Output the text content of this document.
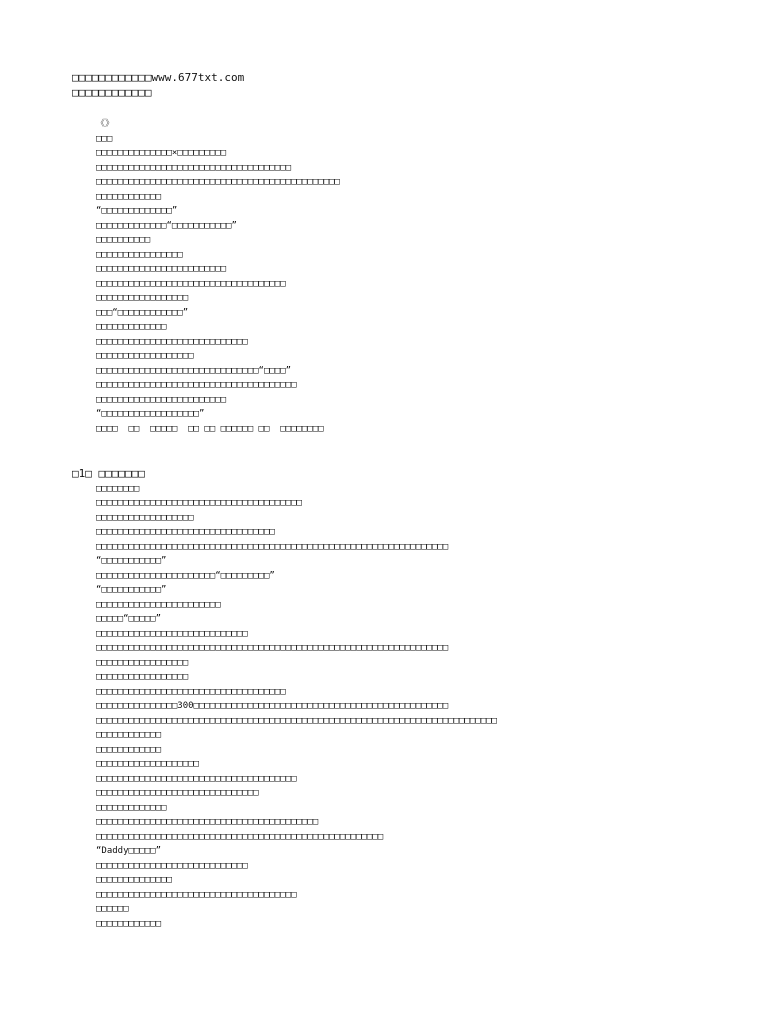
□□□□□□□□□□□□www.677txt.com
□□□□□□□□□□□□
《》
□□□
□□□□□□□□□□□□□□×□□□□□□□□□
□□□□□□□□□□□□□□□□□□□□□□□□□□□□□□□□□□□□
□□□□□□□□□□□□□□□□□□□□□□□□□□□□□□□□□□□□□□□□□□□□□
□□□□□□□□□□□□
“□□□□□□□□□□□□□”
□□□□□□□□□□□□□“□□□□□□□□□□□”
□□□□□□□□□□
□□□□□□□□□□□□□□□□
□□□□□□□□□□□□□□□□□□□□□□□□
□□□□□□□□□□□□□□□□□□□□□□□□□□□□□□□□□□□
□□□□□□□□□□□□□□□□□
□□□“□□□□□□□□□□□□”
□□□□□□□□□□□□□
□□□□□□□□□□□□□□□□□□□□□□□□□□□□
□□□□□□□□□□□□□□□□□□
□□□□□□□□□□□□□□□□□□□□□□□□□□□□□□“□□□□”
□□□□□□□□□□□□□□□□□□□□□□□□□□□□□□□□□□□□□
□□□□□□□□□□□□□□□□□□□□□□□□
“□□□□□□□□□□□□□□□□□□”
□□□□  □□  □□□□□  □□ □□ □□□□□□ □□  □□□□□□□□
□1□ □□□□□□□
□□□□□□□□
□□□□□□□□□□□□□□□□□□□□□□□□□□□□□□□□□□□□□□
□□□□□□□□□□□□□□□□□□
□□□□□□□□□□□□□□□□□□□□□□□□□□□□□□□□□
□□□□□□□□□□□□□□□□□□□□□□□□□□□□□□□□□□□□□□□□□□□□□□□□□□□□□□□□□□□□□□□□□
“□□□□□□□□□□□”
□□□□□□□□□□□□□□□□□□□□□□“□□□□□□□□□”
“□□□□□□□□□□□”
□□□□□□□□□□□□□□□□□□□□□□□
□□□□□“□□□□□”
□□□□□□□□□□□□□□□□□□□□□□□□□□□□
□□□□□□□□□□□□□□□□□□□□□□□□□□□□□□□□□□□□□□□□□□□□□□□□□□□□□□□□□□□□□□□□□
□□□□□□□□□□□□□□□□□
□□□□□□□□□□□□□□□□□
□□□□□□□□□□□□□□□□□□□□□□□□□□□□□□□□□□□
□□□□□□□□□□□□□□□300□□□□□□□□□□□□□□□□□□□□□□□□□□□□□□□□□□□□□□□□□□□□□□□
□□□□□□□□□□□□□□□□□□□□□□□□□□□□□□□□□□□□□□□□□□□□□□□□□□□□□□□□□□□□□□□□□□□□□□□□□□
□□□□□□□□□□□□
□□□□□□□□□□□□
□□□□□□□□□□□□□□□□□□□
□□□□□□□□□□□□□□□□□□□□□□□□□□□□□□□□□□□□□
□□□□□□□□□□□□□□□□□□□□□□□□□□□□□□
□□□□□□□□□□□□□
□□□□□□□□□□□□□□□□□□□□□□□□□□□□□□□□□□□□□□□□□
□□□□□□□□□□□□□□□□□□□□□□□□□□□□□□□□□□□□□□□□□□□□□□□□□□□□□
“Daddy□□□□□”
□□□□□□□□□□□□□□□□□□□□□□□□□□□□
□□□□□□□□□□□□□□
□□□□□□□□□□□□□□□□□□□□□□□□□□□□□□□□□□□□□
□□□□□□
□□□□□□□□□□□□
